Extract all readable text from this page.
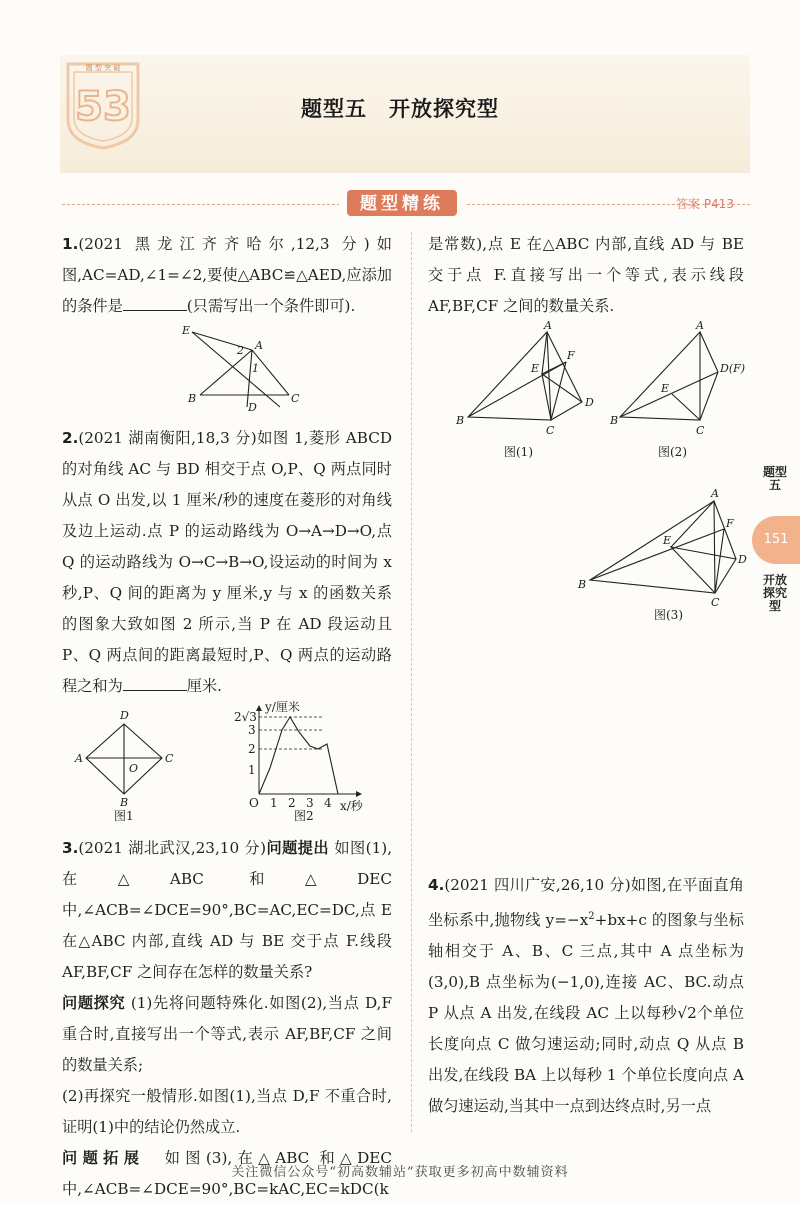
题 型 突 破
53	题型五　开放探究型
题型精练	答案 P413

1.(2021 黑龙江齐齐哈尔,12,3 分)如图,AC=AD,∠1=∠2,要使△ABC≌△AED,应添加的条件是	(只需写出一个条件即可).

E
A
B	C
D
2
1

2.(2021 湖南衡阳,18,3 分)如图 1,菱形 ABCD 的对角线 AC 与 BD 相交于点 O,P、Q 两点同时从点 O 出发,以 1 厘米/秒的速度在菱形的对角线及边上运动.点 P 的运动路线为 O→A→D→O,点 Q 的运动路线为 O→C→B→O,设运动的时间为 x 秒,P、Q 间的距离为 y 厘米,y 与 x 的函数关系的图象大致如图 2 所示,当 P 在 AD 段运动且 P、Q 两点间的距离最短时,P、Q 两点的运动路程之和为	厘米.

D
A
O
C
B
图1
y/厘米
2√3
3
2
1
O 1 2 3 4 x/秒
图2

3.(2021 湖北武汉,23,10 分)问题提出 如图(1),在△ABC 和△DEC 中,∠ACB=∠DCE=90°,BC=AC,EC=DC,点 E 在△ABC 内部,直线 AD 与 BE 交于点 F.线段 AF,BF,CF 之间存在怎样的数量关系?

问题探究 (1)先将问题特殊化.如图(2),当点 D,F 重合时,直接写出一个等式,表示 AF,BF,CF 之间的数量关系;

(2)再探究一般情形.如图(1),当点 D,F 不重合时,证明(1)中的结论仍然成立.

问题拓展 如图(3),在△ABC 和△DEC 中,∠ACB=∠DCE=90°,BC=kAC,EC=kDC(k

是常数),点 E 在△ABC 内部,直线 AD 与 BE 交于点 F.直接写出一个等式,表示线段 AF,BF,CF 之间的数量关系.

A
F
E
B
C
D
图(1)
A
D(F)
E
B
C
图(2)

A
F
E
D
B
C
图(3)

4.(2021 四川广安,26,10 分)如图,在平面直角坐标系中,抛物线 $y=-x^2+bx+c$ 的图象与坐标轴相交于 A、B、C 三点,其中 A 点坐标为(3,0),B 点坐标为(−1,0),连接 AC、BC.动点 P 从点 A 出发,在线段 AC 上以每秒√2个单位长度向点 C 做匀速运动;同时,动点 Q 从点 B 出发,在线段 BA 上以每秒 1 个单位长度向点 A 做匀速运动,当其中一点到达终点时,另一点

题型五
151
开放探究型
关注微信公众号“初高数辅站”获取更多初高中数辅资料
